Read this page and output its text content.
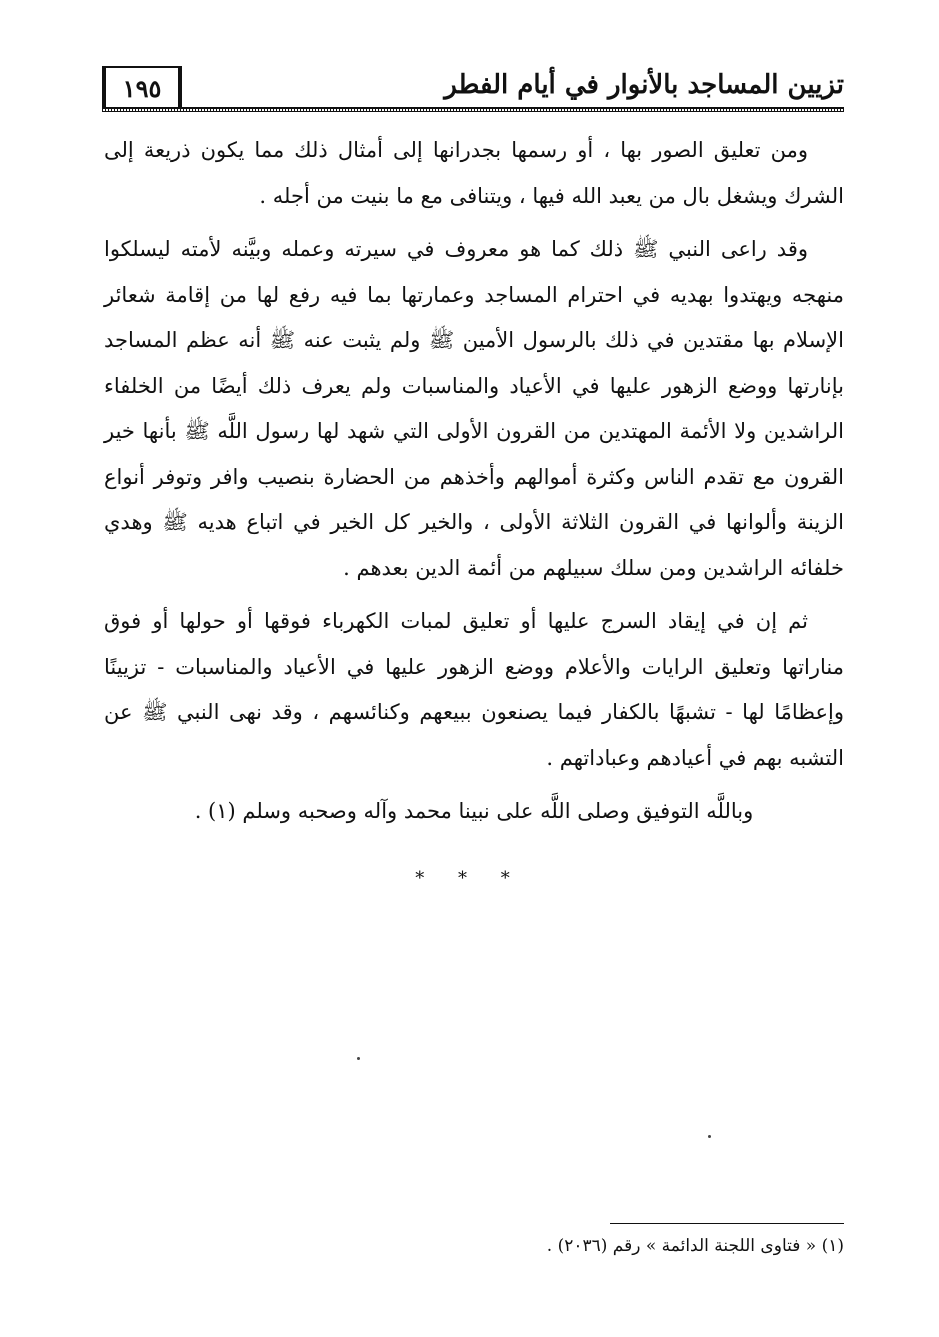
١٩٥	تزيين المساجد بالأنوار في أيام الفطر

ومن تعليق الصور بها ، أو رسمها بجدرانها إلى أمثال ذلك مما يكون ذريعة إلى الشرك ويشغل بال من يعبد الله فيها ، ويتنافى مع ما بنيت من أجله .

وقد راعى النبي ﷺ ذلك كما هو معروف في سيرته وعمله وبيَّنه لأمته ليسلكوا منهجه ويهتدوا بهديه في احترام المساجد وعمارتها بما فيه رفع لها من إقامة شعائر الإسلام بها مقتدين في ذلك بالرسول الأمين ﷺ ولم يثبت عنه ﷺ أنه عظم المساجد بإنارتها ووضع الزهور عليها في الأعياد والمناسبات ولم يعرف ذلك أيضًا من الخلفاء الراشدين ولا الأئمة المهتدين من القرون الأولى التي شهد لها رسول اللَّه ﷺ بأنها خير القرون مع تقدم الناس وكثرة أموالهم وأخذهم من الحضارة بنصيب وافر وتوفر أنواع الزينة وألوانها في القرون الثلاثة الأولى ، والخير كل الخير في اتباع هديه ﷺ وهدي خلفائه الراشدين ومن سلك سبيلهم من أئمة الدين بعدهم .

ثم إن في إيقاد السرج عليها أو تعليق لمبات الكهرباء فوقها أو حولها أو فوق مناراتها وتعليق الرايات والأعلام ووضع الزهور عليها في الأعياد والمناسبات - تزيينًا وإعظامًا لها - تشبهًا بالكفار فيما يصنعون ببيعهم وكنائسهم ، وقد نهى النبي ﷺ عن التشبه بهم في أعيادهم وعباداتهم .

وباللَّه التوفيق وصلى اللَّه على نبينا محمد وآله وصحبه وسلم (١) .

* * *
(١) « فتاوى اللجنة الدائمة » رقم (٢٠٣٦) .
